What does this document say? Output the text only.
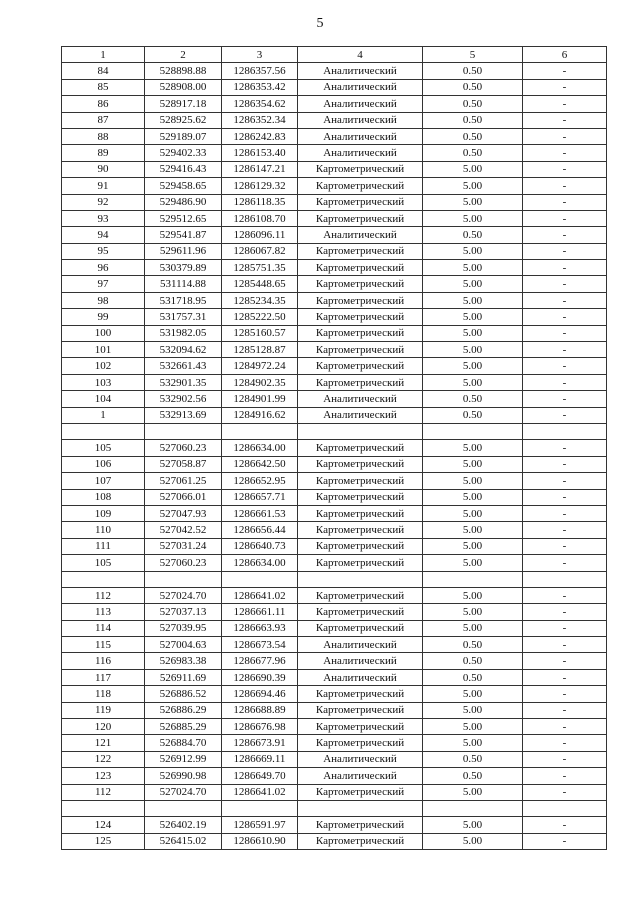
5
1	2	3	4	5	6
84	528898.88	1286357.56	Аналитический	0.50	-
85	528908.00	1286353.42	Аналитический	0.50	-
86	528917.18	1286354.62	Аналитический	0.50	-
87	528925.62	1286352.34	Аналитический	0.50	-
88	529189.07	1286242.83	Аналитический	0.50	-
89	529402.33	1286153.40	Аналитический	0.50	-
90	529416.43	1286147.21	Картометрический	5.00	-
91	529458.65	1286129.32	Картометрический	5.00	-
92	529486.90	1286118.35	Картометрический	5.00	-
93	529512.65	1286108.70	Картометрический	5.00	-
94	529541.87	1286096.11	Аналитический	0.50	-
95	529611.96	1286067.82	Картометрический	5.00	-
96	530379.89	1285751.35	Картометрический	5.00	-
97	531114.88	1285448.65	Картометрический	5.00	-
98	531718.95	1285234.35	Картометрический	5.00	-
99	531757.31	1285222.50	Картометрический	5.00	-
100	531982.05	1285160.57	Картометрический	5.00	-
101	532094.62	1285128.87	Картометрический	5.00	-
102	532661.43	1284972.24	Картометрический	5.00	-
103	532901.35	1284902.35	Картометрический	5.00	-
104	532902.56	1284901.99	Аналитический	0.50	-
1	532913.69	1284916.62	Аналитический	0.50	-

105	527060.23	1286634.00	Картометрический	5.00	-
106	527058.87	1286642.50	Картометрический	5.00	-
107	527061.25	1286652.95	Картометрический	5.00	-
108	527066.01	1286657.71	Картометрический	5.00	-
109	527047.93	1286661.53	Картометрический	5.00	-
110	527042.52	1286656.44	Картометрический	5.00	-
111	527031.24	1286640.73	Картометрический	5.00	-
105	527060.23	1286634.00	Картометрический	5.00	-

112	527024.70	1286641.02	Картометрический	5.00	-
113	527037.13	1286661.11	Картометрический	5.00	-
114	527039.95	1286663.93	Картометрический	5.00	-
115	527004.63	1286673.54	Аналитический	0.50	-
116	526983.38	1286677.96	Аналитический	0.50	-
117	526911.69	1286690.39	Аналитический	0.50	-
118	526886.52	1286694.46	Картометрический	5.00	-
119	526886.29	1286688.89	Картометрический	5.00	-
120	526885.29	1286676.98	Картометрический	5.00	-
121	526884.70	1286673.91	Картометрический	5.00	-
122	526912.99	1286669.11	Аналитический	0.50	-
123	526990.98	1286649.70	Аналитический	0.50	-
112	527024.70	1286641.02	Картометрический	5.00	-

124	526402.19	1286591.97	Картометрический	5.00	-
125	526415.02	1286610.90	Картометрический	5.00	-
